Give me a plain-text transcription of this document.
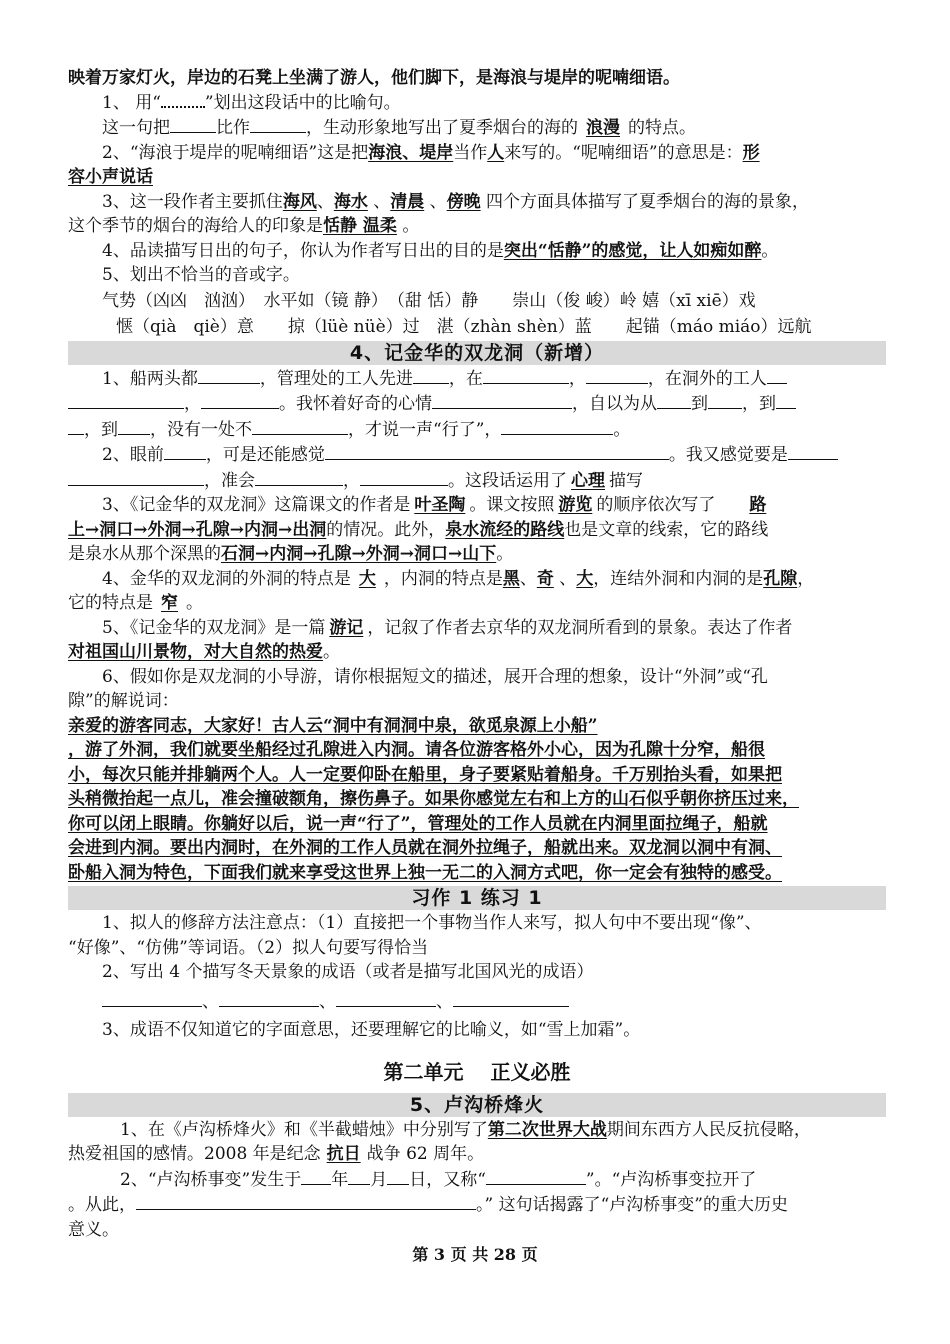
映着万家灯火，岸边的石凳上坐满了游人，他们脚下，是海浪与堤岸的呢喃细语。
1、 用“	”划出这段话中的比喻句。
这一句把	比作	，生动形象地写出了夏季烟台的海的 浪漫 的特点。
2、“海浪于堤岸的呢喃细语”这是把海浪、堤岸当作人来写的。“呢喃细语”的意思是：形
容小声说话
3、这一段作者主要抓住海风、海水 、清晨 、傍晚 四个方面具体描写了夏季烟台的海的景象，
这个季节的烟台的海给人的印象是恬静 温柔 。
4、品读描写日出的句子，你认为作者写日出的目的是突出“恬静”的感觉，让人如痴如醉。
5、划出不恰当的音或字。
气势（凶凶　汹汹）　水平如（镜 静）　（甜 恬）静　　崇山（俊 峻）岭 嬉（xī xiē）戏
惬（qià　qiè）意　　掠（lüè nüè）过　湛（zhàn shèn）蓝　　起锚（máo miáo）远航
4、记金华的双龙洞（新增）
1、船两头都	，管理处的工人先进 ，在	，	，在洞外的工人
，	。我怀着好奇的心情	，自以为从 到 ，到
，到 ，没有一处不	，才说一声“行了”，	。
2、眼前 ，可是还能感觉	。我又感觉要是
，准会	，	。这段话运用了 心理 描写
3、《记金华的双龙洞》这篇课文的作者是 叶圣陶 。课文按照 游览 的顺序依次写了 路
上→洞口→外洞→孔隙→内洞→出洞的情况。此外，泉水流经的路线也是文章的线索，它的路线
是泉水从那个深黑的石洞→内洞→孔隙→外洞→洞口→山下。
4、金华的双龙洞的外洞的特点是 大 ，内洞的特点是黑、奇 、大，连结外洞和内洞的是孔隙，
它的特点是 窄 。
5、《记金华的双龙洞》是一篇 游记 ，记叙了作者去京华的双龙洞所看到的景象。表达了作者
对祖国山川景物，对大自然的热爱。
6、假如你是双龙洞的小导游，请你根据短文的描述，展开合理的想象，设计“外洞”或“孔
隙”的解说词：
亲爱的游客同志，大家好！古人云“洞中有洞洞中泉，欲觅泉源上小船”
，游了外洞，我们就要坐船经过孔隙进入内洞。请各位游客格外小心，因为孔隙十分窄，船很
小，每次只能并排躺两个人。人一定要仰卧在船里，身子要紧贴着船身。千万别抬头看，如果把
头稍微抬起一点儿，准会撞破额角，擦伤鼻子。如果你感觉左右和上方的山石似乎朝你挤压过来，
你可以闭上眼睛。你躺好以后，说一声“行了”，管理处的工作人员就在内洞里面拉绳子，船就
会进到内洞。要出内洞时，在外洞的工作人员就在洞外拉绳子，船就出来。双龙洞以洞中有洞、
卧船入洞为特色，下面我们就来享受这世界上独一无二的入洞方式吧，你一定会有独特的感受。
习作 1 练习 1
1、拟人的修辞方法注意点：（1）直接把一个事物当作人来写，拟人句中不要出现“像”、
“好像”、“仿佛”等词语。（2）拟人句要写得恰当
2、写出 4 个描写冬天景象的成语（或者是描写北国风光的成语）
、	、	、
3、成语不仅知道它的字面意思，还要理解它的比喻义，如“雪上加霜”。
第二单元　 正义必胜
5、卢沟桥烽火
1、在《卢沟桥烽火》和《半截蜡烛》中分别写了第二次世界大战期间东西方人民反抗侵略，
热爱祖国的感情。2008 年是纪念 抗日 战争 62 周年。
2、“卢沟桥事变”发生于 年 月 日，又称“	”。“卢沟桥事变拉开了
。从此，	。” 这句话揭露了“卢沟桥事变”的重大历史
意义。
第 3 页 共 28 页
